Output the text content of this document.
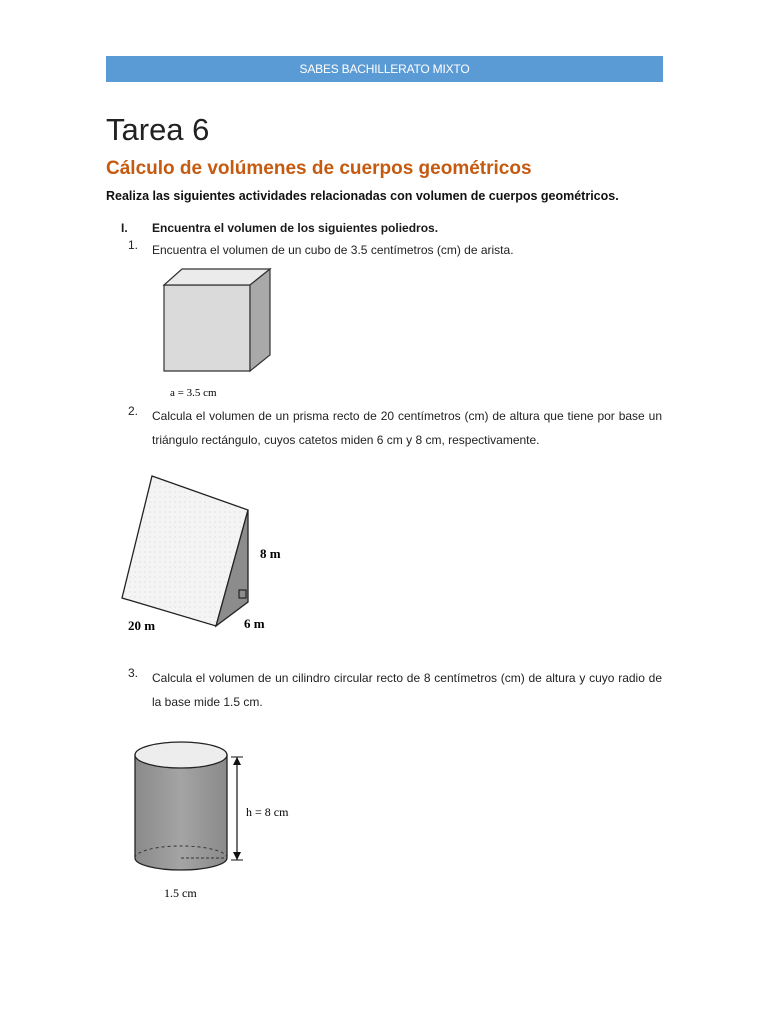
SABES BACHILLERATO MIXTO
Tarea 6
Cálculo de volúmenes de cuerpos geométricos
Realiza las siguientes actividades relacionadas con volumen de cuerpos geométricos.
I. Encuentra el volumen de los siguientes poliedros.
1. Encuentra el volumen de un cubo de 3.5 centímetros (cm) de arista.
a = 3.5 cm
2. Calcula el volumen de un prisma recto de 20 centímetros (cm) de altura que tiene por base un triángulo rectángulo, cuyos catetos miden 6 cm y 8 cm, respectivamente.
8 m
6 m
20 m
3. Calcula el volumen de un cilindro circular recto de 8 centímetros (cm) de altura y cuyo radio de la base mide 1.5 cm.
h = 8 cm
1.5 cm
